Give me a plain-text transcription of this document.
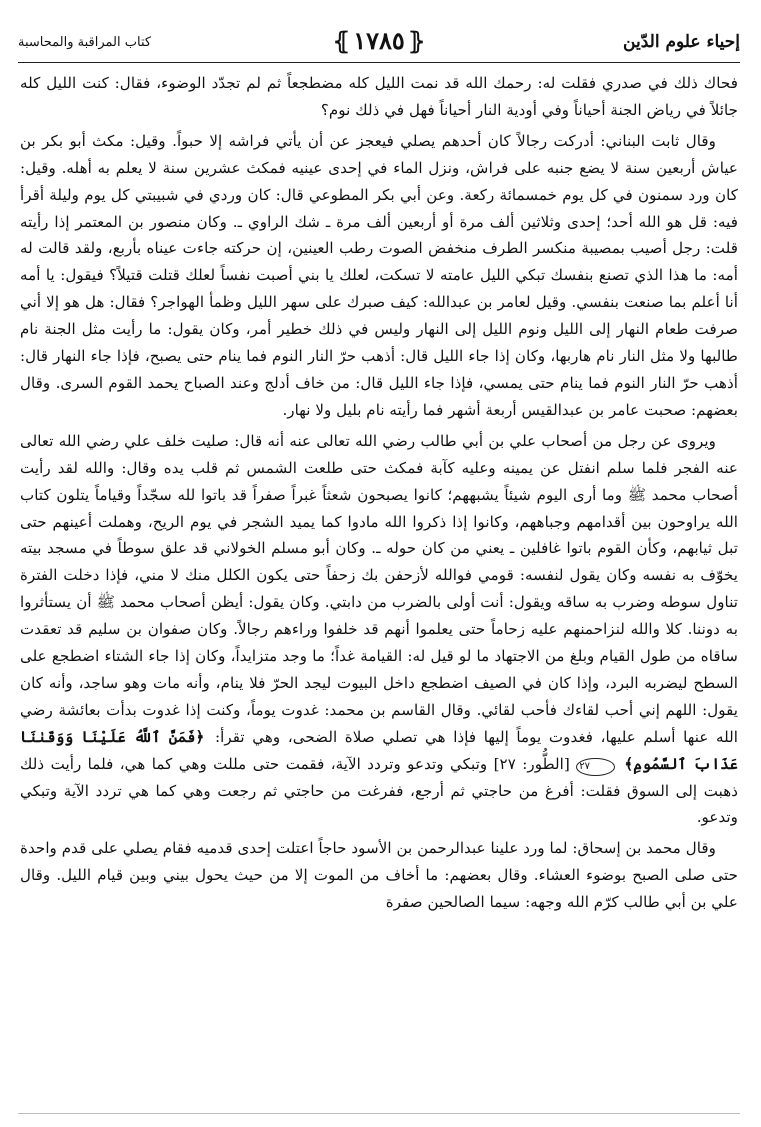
إحياء علوم الدّين
⦃ ١٧٨٥ ⦄
كتاب المراقبة والمحاسبة

فحاك ذلك في صدري فقلت له: رحمك الله قد نمت الليل كله مضطجعاً ثم لم تجدّد الوضوء، فقال: كنت الليل كله جائلاً في رياض الجنة أحياناً وفي أودية النار أحياناً فهل في ذلك نوم؟

وقال ثابت البناني: أدركت رجالاً كان أحدهم يصلي فيعجز عن أن يأتي فراشه إلا حبواً. وقيل: مكث أبو بكر بن عياش أربعين سنة لا يضع جنبه على فراش، ونزل الماء في إحدى عينيه فمكث عشرين سنة لا يعلم به أهله. وقيل: كان ورد سمنون في كل يوم خمسمائة ركعة. وعن أبي بكر المطوعي قال: كان وردي في شبيبتي كل يوم وليلة أقرأ فيه: قل هو الله أحد؛ إحدى وثلاثين ألف مرة أو أربعين ألف مرة ـ شك الراوي ـ. وكان منصور بن المعتمر إذا رأيته قلت: رجل أصيب بمصيبة منكسر الطرف منخفض الصوت رطب العينين، إن حركته جاءت عيناه بأربع، ولقد قالت له أمه: ما هذا الذي تصنع بنفسك تبكي الليل عامته لا تسكت، لعلك يا بني أصبت نفساً لعلك قتلت قتيلاً؟ فيقول: يا أمه أنا أعلم بما صنعت بنفسي. وقيل لعامر بن عبدالله: كيف صبرك على سهر الليل وظمأ الهواجر؟ فقال: هل هو إلا أني صرفت طعام النهار إلى الليل ونوم الليل إلى النهار وليس في ذلك خطير أمر، وكان يقول: ما رأيت مثل الجنة نام طالبها ولا مثل النار نام هاربها، وكان إذا جاء الليل قال: أذهب حرّ النار النوم فما ينام حتى يصبح، فإذا جاء النهار قال: أذهب حرّ النار النوم فما ينام حتى يمسي، فإذا جاء الليل قال: من خاف أدلج وعند الصباح يحمد القوم السرى. وقال بعضهم: صحبت عامر بن عبدالقيس أربعة أشهر فما رأيته نام بليل ولا نهار.

ويروى عن رجل من أصحاب علي بن أبي طالب رضي الله تعالى عنه أنه قال: صليت خلف علي رضي الله تعالى عنه الفجر فلما سلم انفتل عن يمينه وعليه كآبة فمكث حتى طلعت الشمس ثم قلب يده وقال: والله لقد رأيت أصحاب محمد ﷺ وما أرى اليوم شيئاً يشبههم؛ كانوا يصبحون شعثاً غبراً صفراً قد باتوا لله سجّداً وقياماً يتلون كتاب الله يراوحون بين أقدامهم وجباههم، وكانوا إذا ذكروا الله مادوا كما يميد الشجر في يوم الريح، وهملت أعينهم حتى تبل ثيابهم، وكأن القوم باتوا غافلين ـ يعني من كان حوله ـ. وكان أبو مسلم الخولاني قد علق سوطاً في مسجد بيته يخوّف به نفسه وكان يقول لنفسه: قومي فوالله لأزحفن بك زحفاً حتى يكون الكلل منك لا مني، فإذا دخلت الفترة تناول سوطه وضرب به ساقه ويقول: أنت أولى بالضرب من دابتي. وكان يقول: أيظن أصحاب محمد ﷺ أن يستأثروا به دوننا. كلا والله لنزاحمنهم عليه زحاماً حتى يعلموا أنهم قد خلفوا وراءهم رجالاً. وكان صفوان بن سليم قد تعقدت ساقاه من طول القيام وبلغ من الاجتهاد ما لو قيل له: القيامة غداً؛ ما وجد متزايداً، وكان إذا جاء الشتاء اضطجع على السطح ليضربه البرد، وإذا كان في الصيف اضطجع داخل البيوت ليجد الحرّ فلا ينام، وأنه مات وهو ساجد، وأنه كان يقول: اللهم إني أحب لقاءك فأحب لقائي. وقال القاسم بن محمد: غدوت يوماً، وكنت إذا غدوت بدأت بعائشة رضي الله عنها أسلم عليها، فغدوت يوماً إليها فإذا هي تصلي صلاة الضحى، وهي تقرأ: ﴿فَمَنَّ ٱللَّهُ عَلَيْنَا وَوَقَىٰنَا عَذَابَ ٱلسَّمُومِ﴾ ٢٧ [الطُّور: ٢٧] وتبكي وتدعو وتردد الآية، فقمت حتى مللت وهي كما هي، فلما رأيت ذلك ذهبت إلى السوق فقلت: أفرغ من حاجتي ثم أرجع، ففرغت من حاجتي ثم رجعت وهي كما هي تردد الآية وتبكي وتدعو.

وقال محمد بن إسحاق: لما ورد علينا عبدالرحمن بن الأسود حاجاً اعتلت إحدى قدميه فقام يصلي على قدم واحدة حتى صلى الصبح بوضوء العشاء. وقال بعضهم: ما أخاف من الموت إلا من حيث يحول بيني وبين قيام الليل. وقال علي بن أبي طالب كرّم الله وجهه: سيما الصالحين صفرة
